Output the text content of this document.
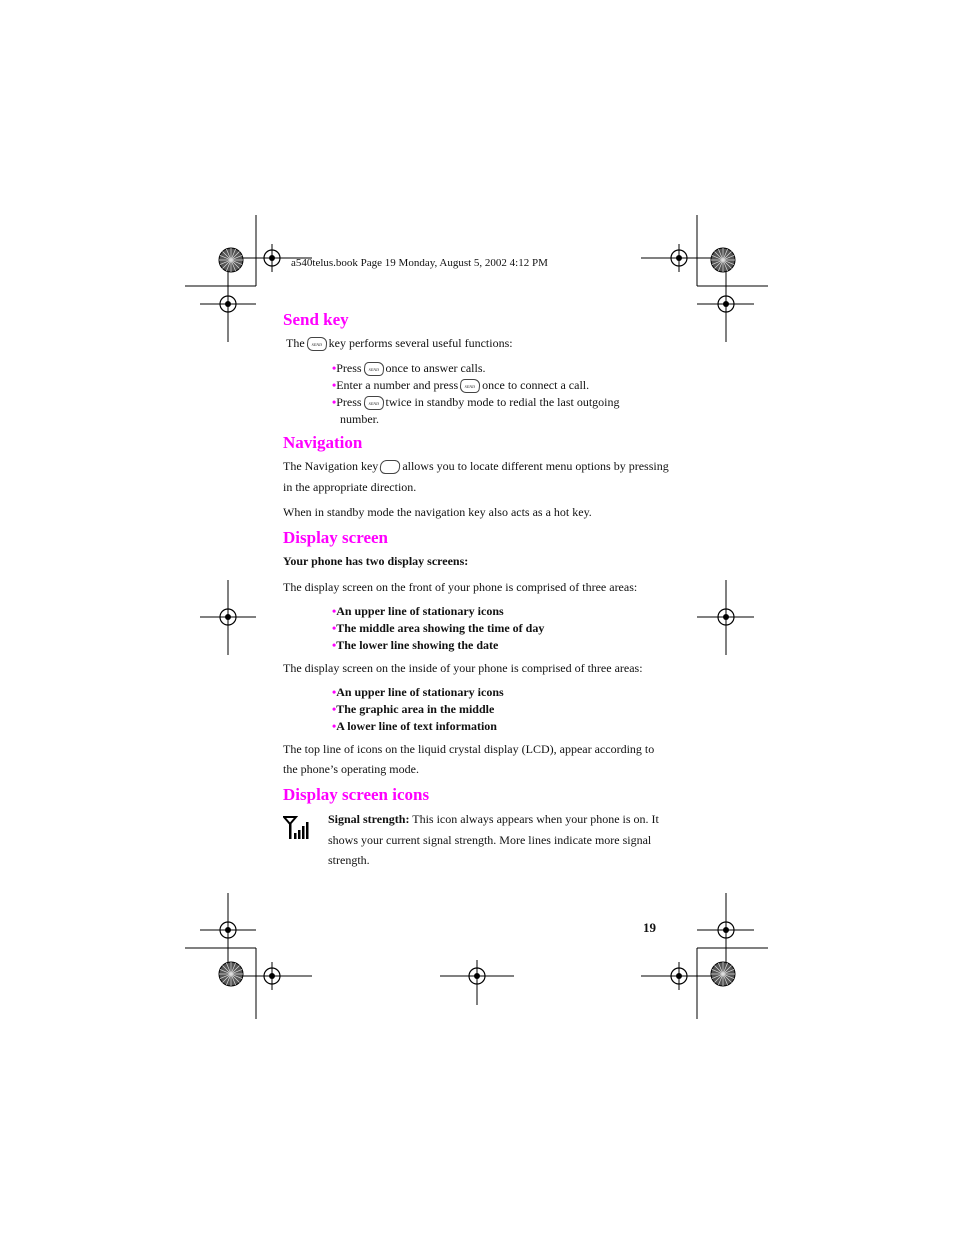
a540telus.book Page 19 Monday, August 5, 2002 4:12 PM
Send key
The SEND key performs several useful functions:
•Press SEND once to answer calls.
•Enter a number and press SEND once to connect a call.
•Press SEND twice in standby mode to redial the last outgoing
number.
Navigation
The Navigation key allows you to locate different menu options by pressing
in the appropriate direction.
When in standby mode the navigation key also acts as a hot key.
Display screen
Your phone has two display screens:
The display screen on the front of your phone is comprised of three areas:
•An upper line of stationary icons
•The middle area showing the time of day
•The lower line showing the date
The display screen on the inside of your phone is comprised of three areas:
•An upper line of stationary icons
•The graphic area in the middle
•A lower line of text information
The top line of icons on the liquid crystal display (LCD), appear according to
the phone’s operating mode.
Display screen icons
Signal strength: This icon always appears when your phone is on. It
shows your current signal strength. More lines indicate more signal
strength.
19
